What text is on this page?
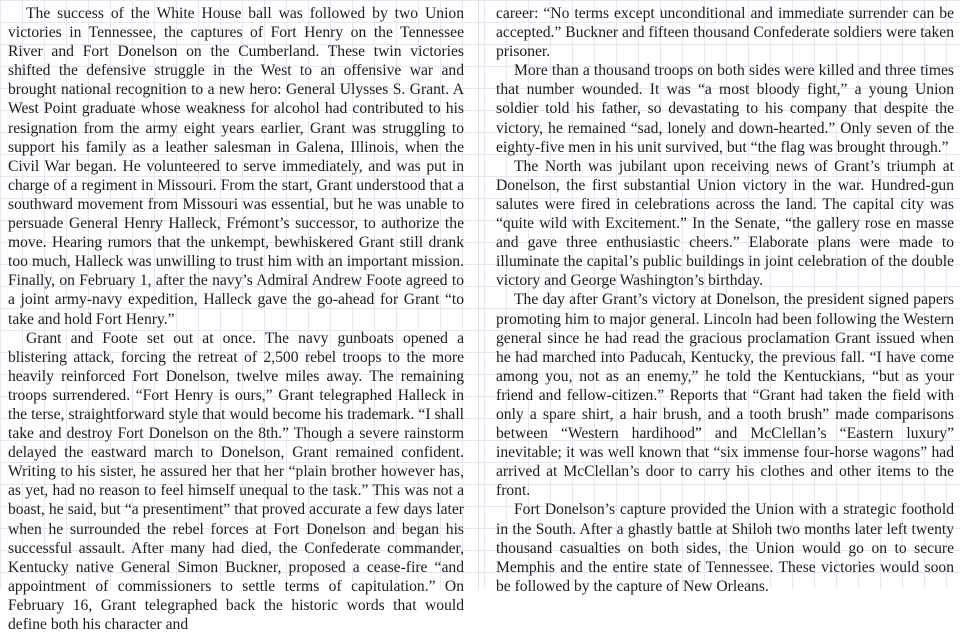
The success of the White House ball was followed by two Union victories in Tennessee, the captures of Fort Henry on the Tennessee River and Fort Donelson on the Cumberland. These twin victories shifted the defensive struggle in the West to an offensive war and brought national recognition to a new hero: General Ulysses S. Grant. A West Point graduate whose weakness for alcohol had contributed to his resignation from the army eight years earlier, Grant was struggling to support his family as a leather salesman in Galena, Illinois, when the Civil War began. He volunteered to serve immediately, and was put in charge of a regiment in Missouri. From the start, Grant understood that a southward movement from Missouri was essential, but he was unable to persuade General Henry Halleck, Frémont’s successor, to authorize the move. Hearing rumors that the unkempt, bewhiskered Grant still drank too much, Halleck was unwilling to trust him with an important mission. Finally, on February 1, after the navy’s Admiral Andrew Foote agreed to a joint army-navy expedition, Halleck gave the go-ahead for Grant “to take and hold Fort Henry.”

Grant and Foote set out at once. The navy gunboats opened a blistering attack, forcing the retreat of 2,500 rebel troops to the more heavily reinforced Fort Donelson, twelve miles away. The remaining troops surrendered. “Fort Henry is ours,” Grant telegraphed Halleck in the terse, straightforward style that would become his trademark. “I shall take and destroy Fort Donelson on the 8th.” Though a severe rainstorm delayed the eastward march to Donelson, Grant remained confident. Writing to his sister, he assured her that her “plain brother however has, as yet, had no reason to feel himself unequal to the task.” This was not a boast, he said, but “a presentiment” that proved accurate a few days later when he surrounded the rebel forces at Fort Donelson and began his successful assault. After many had died, the Confederate commander, Kentucky native General Simon Buckner, proposed a cease-fire “and appointment of commissioners to settle terms of capitulation.” On February 16, Grant telegraphed back the historic words that would define both his character and

career: “No terms except unconditional and immediate surrender can be accepted.” Buckner and fifteen thousand Confederate soldiers were taken prisoner.

More than a thousand troops on both sides were killed and three times that number wounded. It was “a most bloody fight,” a young Union soldier told his father, so devastating to his company that despite the victory, he remained “sad, lonely and down-hearted.” Only seven of the eighty-five men in his unit survived, but “the flag was brought through.”

The North was jubilant upon receiving news of Grant’s triumph at Donelson, the first substantial Union victory in the war. Hundred-gun salutes were fired in celebrations across the land. The capital city was “quite wild with Excitement.” In the Senate, “the gallery rose en masse and gave three enthusiastic cheers.” Elaborate plans were made to illuminate the capital’s public buildings in joint celebration of the double victory and George Washington’s birthday.

The day after Grant’s victory at Donelson, the president signed papers promoting him to major general. Lincoln had been following the Western general since he had read the gracious proclamation Grant issued when he had marched into Paducah, Kentucky, the previous fall. “I have come among you, not as an enemy,” he told the Kentuckians, “but as your friend and fellow-citizen.” Reports that “Grant had taken the field with only a spare shirt, a hair brush, and a tooth brush” made comparisons between “Western hardihood” and McClellan’s “Eastern luxury” inevitable; it was well known that “six immense four-horse wagons” had arrived at McClellan’s door to carry his clothes and other items to the front.

Fort Donelson’s capture provided the Union with a strategic foothold in the South. After a ghastly battle at Shiloh two months later left twenty thousand casualties on both sides, the Union would go on to secure Memphis and the entire state of Tennessee. These victories would soon be followed by the capture of New Orleans.
